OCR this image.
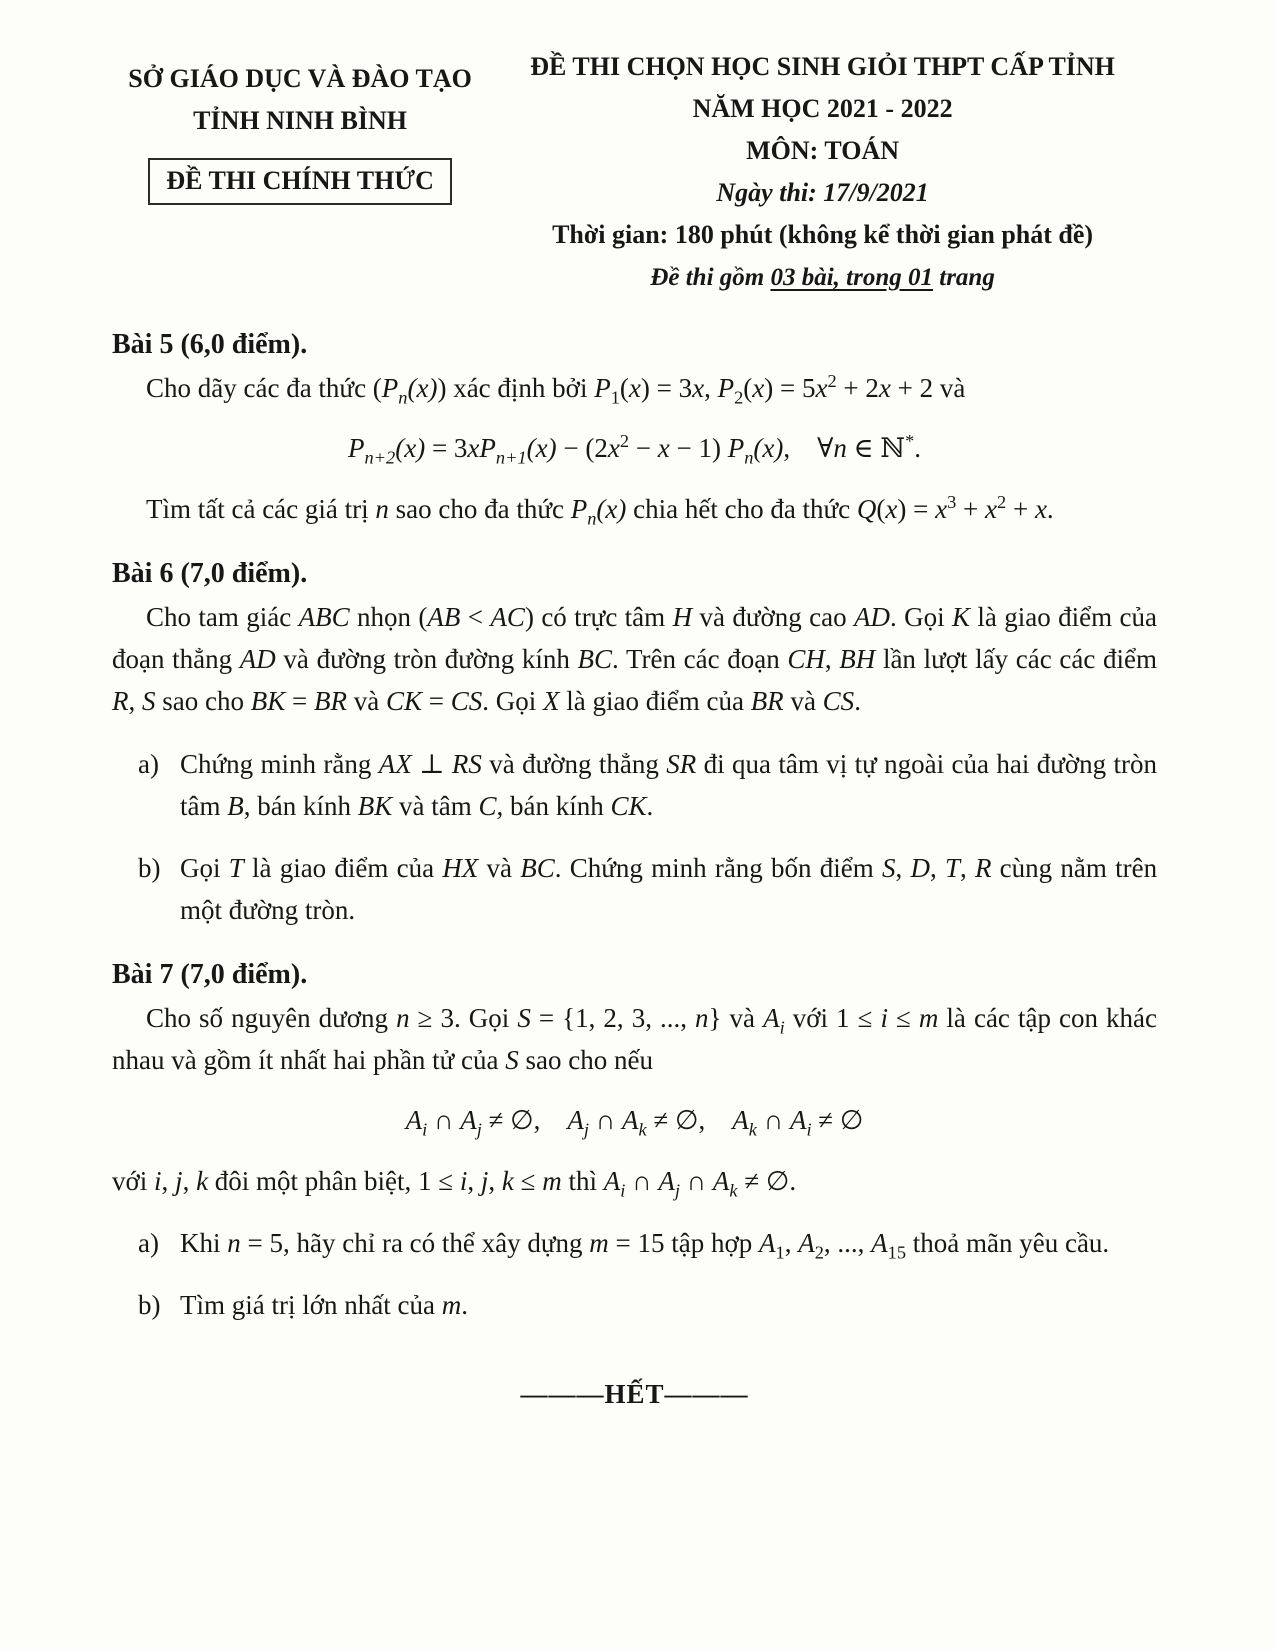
SỞ GIÁO DỤC VÀ ĐÀO TẠO
TỈNH NINH BÌNH
ĐỀ THI CHÍNH THỨC
ĐỀ THI CHỌN HỌC SINH GIỎI THPT CẤP TỈNH
NĂM HỌC 2021 - 2022
MÔN: TOÁN
Ngày thi: 17/9/2021
Thời gian: 180 phút (không kể thời gian phát đề)
Đề thi gồm 03 bài, trong 01 trang
Bài 5 (6,0 điểm).

Cho dãy các đa thức $(P_n(x))$ xác định bởi $P_1(x) = 3x$, $P_2(x) = 5x^2 + 2x + 2$ và

$P_{n+2}(x) = 3xP_{n+1}(x) - (2x^2 - x - 1)$ $P_n(x)$,    ∀n ∈ ℕ*.

Tìm tất cả các giá trị n sao cho đa thức $P_n(x)$ chia hết cho đa thức $Q(x) = x^3 + x^2 + x$.

Bài 6 (7,0 điểm).

Cho tam giác ABC nhọn (AB < AC) có trực tâm H và đường cao AD. Gọi K là giao điểm của đoạn thẳng AD và đường tròn đường kính BC. Trên các đoạn CH, BH lần lượt lấy các các điểm R, S sao cho BK = BR và CK = CS. Gọi X là giao điểm của BR và CS.

a) Chứng minh rằng AX ⊥ RS và đường thẳng SR đi qua tâm vị tự ngoài của hai đường tròn tâm B, bán kính BK và tâm C, bán kính CK.
b) Gọi T là giao điểm của HX và BC. Chứng minh rằng bốn điểm S, D, T, R cùng nằm trên một đường tròn.
Bài 7 (7,0 điểm).

Cho số nguyên dương n ≥ 3. Gọi S = {1, 2, 3, ..., n} và $A_i$ với 1 ≤ i ≤ m là các tập con khác nhau và gồm ít nhất hai phần tử của S sao cho nếu

$A_i$ ∩ $A_j$ ≠ ∅,    $A_j$ ∩ $A_k$ ≠ ∅,    $A_k$ ∩ $A_i$ ≠ ∅

với i, j, k đôi một phân biệt, 1 ≤ i, j, k ≤ m thì $A_i$ ∩ $A_j$ ∩ $A_k$ ≠ ∅.

a) Khi n = 5, hãy chỉ ra có thể xây dựng m = 15 tập hợp $A_1$, $A_2$, ..., $A_{15}$ thoả mãn yêu cầu.
b) Tìm giá trị lớn nhất của m.
———HẾT———
